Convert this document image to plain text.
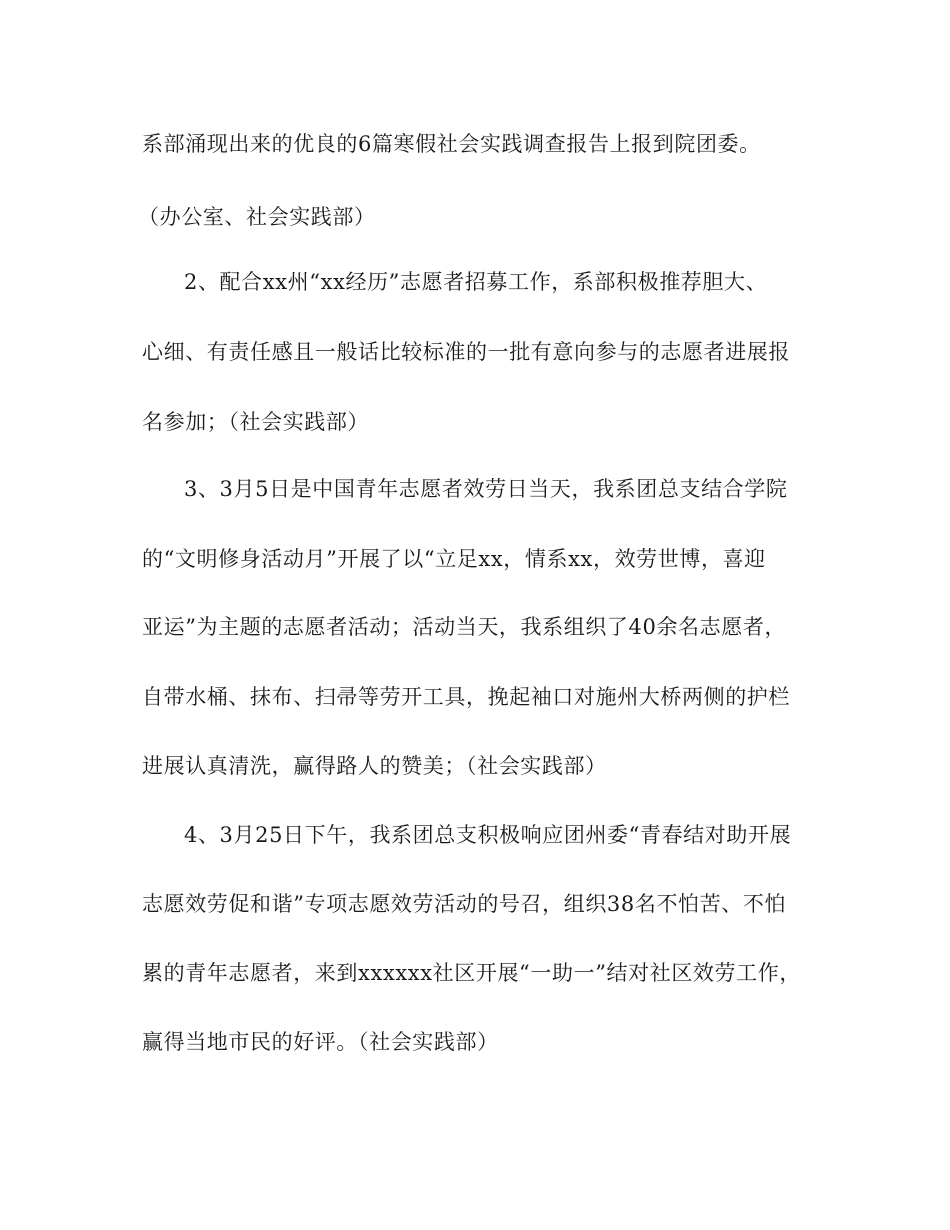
系部涌现出来的优良的6篇寒假社会实践调查报告上报到院团委。
（办公室、社会实践部）
2、配合xx州“xx经历”志愿者招募工作，系部积极推荐胆大、
心细、有责任感且一般话比较标准的一批有意向参与的志愿者进展报
名参加；（社会实践部）
3、3月5日是中国青年志愿者效劳日当天，我系团总支结合学院
的“文明修身活动月”开展了以“立足xx，情系xx，效劳世博，喜迎
亚运”为主题的志愿者活动；活动当天，我系组织了40余名志愿者，
自带水桶、抹布、扫帚等劳开工具，挽起袖口对施州大桥两侧的护栏
进展认真清洗，赢得路人的赞美；（社会实践部）
4、3月25日下午，我系团总支积极响应团州委“青春结对助开展
志愿效劳促和谐”专项志愿效劳活动的号召，组织38名不怕苦、不怕
累的青年志愿者，来到xxxxxx社区开展“一助一”结对社区效劳工作，
赢得当地市民的好评。（社会实践部）
